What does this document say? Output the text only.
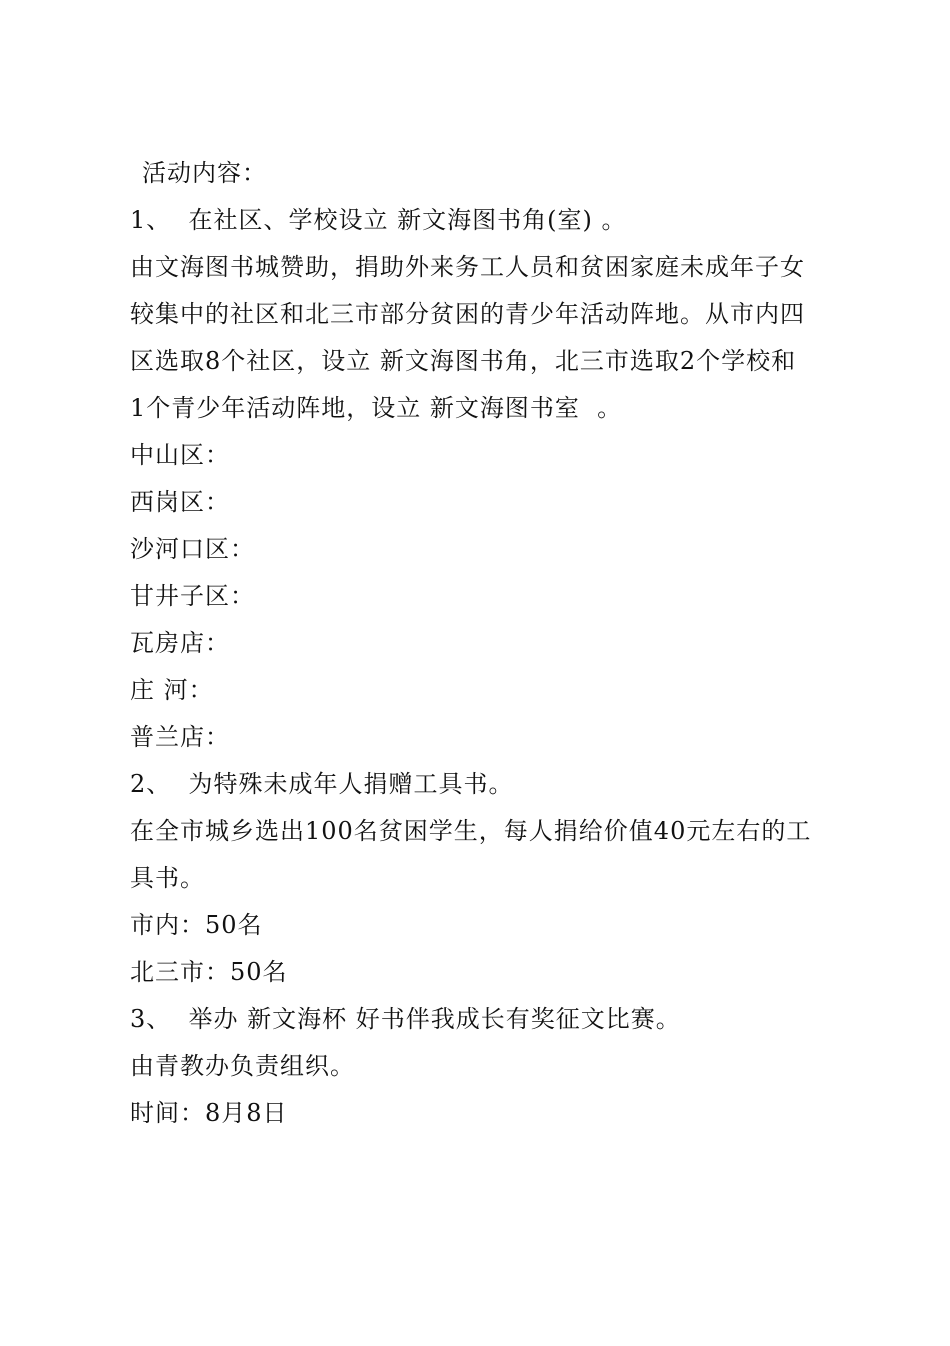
活动内容：
1、  在社区、学校设立 新文海图书角(室) 。
由文海图书城赞助，捐助外来务工人员和贫困家庭未成年子女
较集中的社区和北三市部分贫困的青少年活动阵地。从市内四
区选取8个社区，设立 新文海图书角，北三市选取2个学校和
1个青少年活动阵地，设立 新文海图书室  。
中山区：
西岗区：
沙河口区：
甘井子区：
瓦房店：
庄 河：
普兰店：
2、  为特殊未成年人捐赠工具书。
在全市城乡选出100名贫困学生，每人捐给价值40元左右的工
具书。
市内：50名
北三市：50名
3、  举办 新文海杯 好书伴我成长有奖征文比赛。
由青教办负责组织。
时间：8月8日
